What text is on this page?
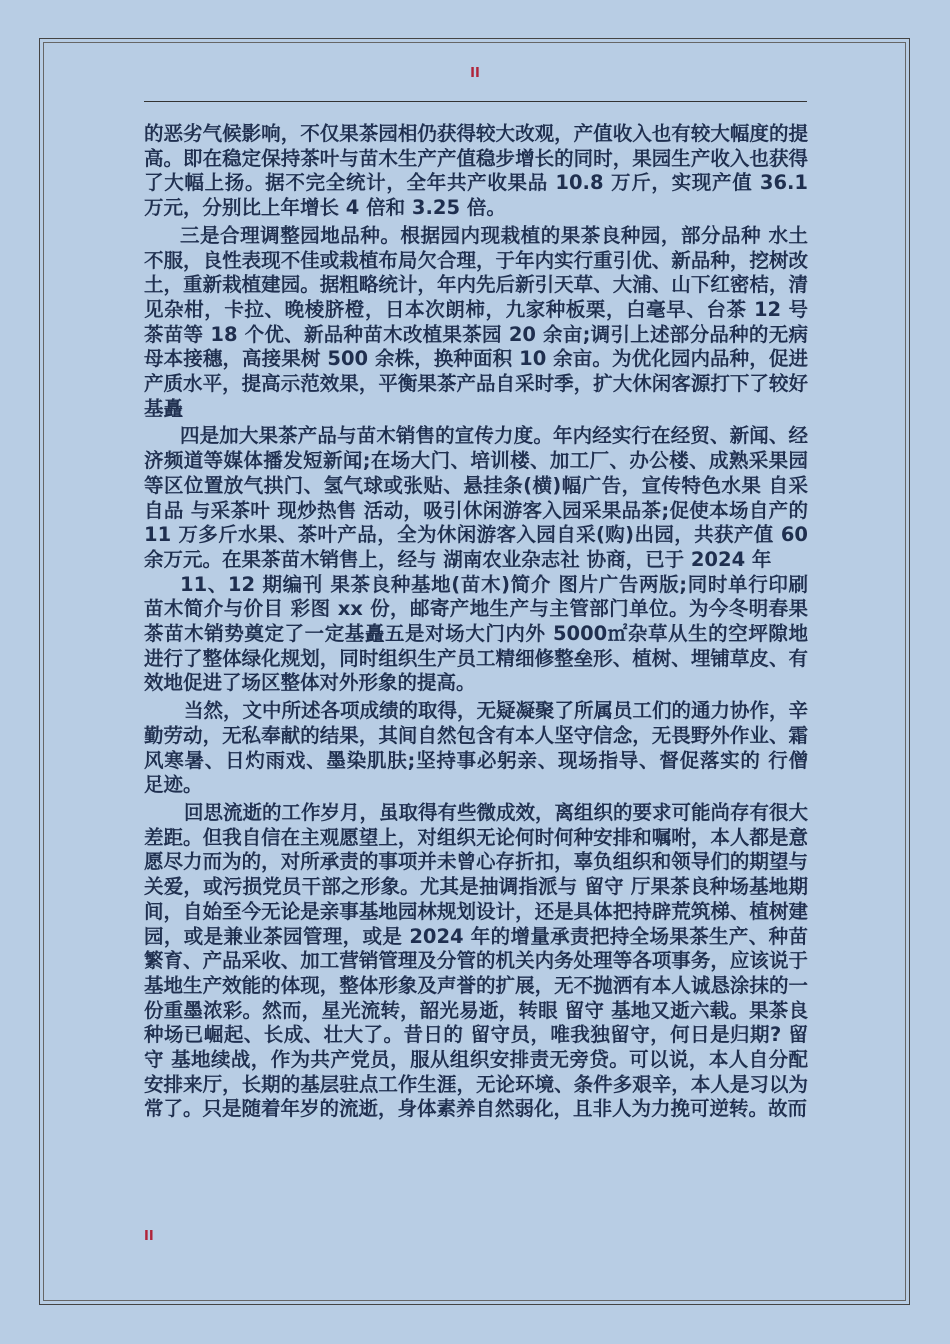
II

的恶劣气候影响，不仅果茶园相仍获得较大改观，产值收入也有较大幅度的提高。即在稳定保持茶叶与苗木生产产值稳步增长的同时，果园生产收入也获得了大幅上扬。据不完全统计，全年共产收果品 10.8 万斤，实现产值 36.1 万元，分别比上年增长 4 倍和 3.25 倍。

三是合理调整园地品种。根据园内现栽植的果茶良种园，部分品种 水土不服，良性表现不佳或栽植布局欠合理，于年内实行重引优、新品种，挖树改土，重新栽植建园。据粗略统计，年内先后新引天草、大浦、山下红密桔，清见杂柑，卡拉、晚棱脐橙，日本次朗柿，九家种板栗，白毫早、台茶 12 号茶苗等 18 个优、新品种苗木改植果茶园 20 余亩;调引上述部分品种的无病母本接穗，高接果树 500 余株，换种面积 10 余亩。为优化园内品种，促进产质水平，提高示范效果，平衡果茶产品自采时季，扩大休闲客源打下了较好基矗

四是加大果茶产品与苗木销售的宣传力度。年内经实行在经贸、新闻、经济频道等媒体播发短新闻;在场大门、培训楼、加工厂、办公楼、成熟采果园等区位置放气拱门、氢气球或张贴、悬挂条(横)幅广告，宣传特色水果 自采自品 与采茶叶 现炒热售 活动，吸引休闲游客入园采果品茶;促使本场自产的 11 万多斤水果、茶叶产品，全为休闲游客入园自采(购)出园，共获产值 60 余万元。在果茶苗木销售上，经与 湖南农业杂志社 协商，已于 2024 年

11、12 期编刊 果茶良种基地(苗木)简介 图片广告两版;同时单行印刷 苗木简介与价目 彩图 xx 份，邮寄产地生产与主管部门单位。为今冬明春果茶苗木销势奠定了一定基矗五是对场大门内外 5000㎡杂草从生的空坪隙地进行了整体绿化规划，同时组织生产员工精细修整垒形、植树、埋铺草皮、有效地促进了场区整体对外形象的提高。

当然，文中所述各项成绩的取得，无疑凝聚了所属员工们的通力协作，辛勤劳动，无私奉献的结果，其间自然包含有本人坚守信念，无畏野外作业、霜风寒暑、日灼雨戏、墨染肌肤;坚持事必躬亲、现场指导、督促落实的 行僧 足迹。

回思流逝的工作岁月，虽取得有些微成效，离组织的要求可能尚存有很大差距。但我自信在主观愿望上，对组织无论何时何种安排和嘱咐，本人都是意愿尽力而为的，对所承责的事项并未曾心存折扣，辜负组织和领导们的期望与关爱，或污损党员干部之形象。尤其是抽调指派与 留守 厅果茶良种场基地期间，自始至今无论是亲事基地园林规划设计，还是具体把持辟荒筑梯、植树建园，或是兼业茶园管理，或是 2024 年的增量承责把持全场果茶生产、种苗繁育、产品采收、加工营销管理及分管的机关内务处理等各项事务，应该说于基地生产效能的体现，整体形象及声誉的扩展，无不抛洒有本人诚恳涂抹的一份重墨浓彩。然而，星光流转，韶光易逝，转眼 留守 基地又逝六载。果茶良种场已崛起、长成、壮大了。昔日的 留守员，唯我独留守，何日是归期? 留守 基地续战，作为共产党员，服从组织安排责无旁贷。可以说，本人自分配安排来厅，长期的基层驻点工作生涯，无论环境、条件多艰辛，本人是习以为常了。只是随着年岁的流逝，身体素养自然弱化，且非人为力挽可逆转。故而

II
